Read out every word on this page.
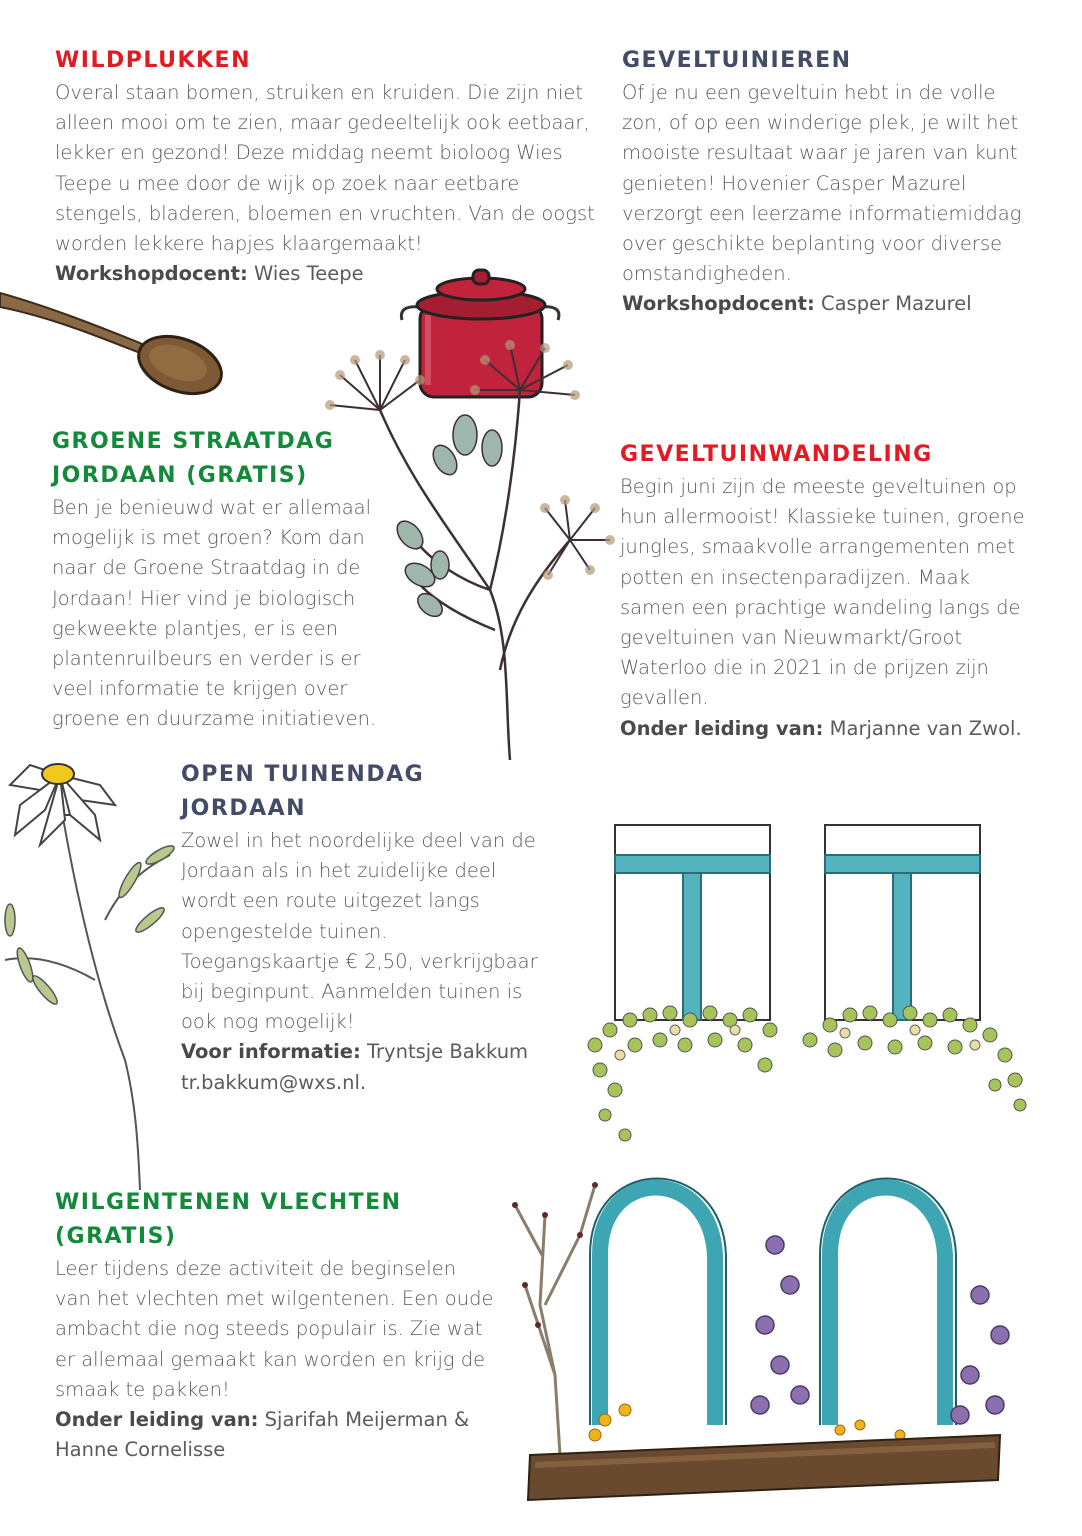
WILDPLUKKEN

Overal staan bomen, struiken en kruiden. Die zijn niet alleen mooi om te zien, maar gedeeltelijk ook eetbaar, lekker en gezond! Deze middag neemt bioloog Wies Teepe u mee door de wijk op zoek naar eetbare stengels, bladeren, bloemen en vruchten. Van de oogst worden lekkere hapjes klaargemaakt!

Workshopdocent: Wies Teepe

GEVELTUINIEREN

Of je nu een geveltuin hebt in de volle zon, of op een winderige plek, je wilt het mooiste resultaat waar je jaren van kunt genieten! Hovenier Casper Mazurel verzorgt een leerzame informatiemiddag over geschikte beplanting voor diverse omstandigheden.

Workshopdocent: Casper Mazurel

GROENE STRAATDAG
JORDAAN (GRATIS)

Ben je benieuwd wat er allemaal mogelijk is met groen? Kom dan naar de Groene Straatdag in de Jordaan! Hier vind je biologisch gekweekte plantjes, er is een plantenruilbeurs en verder is er veel informatie te krijgen over groene en duurzame initiatieven.

GEVELTUINWANDELING

Begin juni zijn de meeste geveltuinen op hun allermooist! Klassieke tuinen, groene jungles, smaakvolle arrangementen met potten en insectenparadijzen. Maak samen een prachtige wandeling langs de geveltuinen van Nieuwmarkt/Groot Waterloo die in 2021 in de prijzen zijn gevallen.

Onder leiding van: Marjanne van Zwol.

OPEN TUINENDAG
JORDAAN

Zowel in het noordelijke deel van de Jordaan als in het zuidelijke deel wordt een route uitgezet langs opengestelde tuinen. Toegangskaartje € 2,50, verkrijgbaar bij beginpunt. Aanmelden tuinen is ook nog mogelijk!

Voor informatie: Tryntsje Bakkum

tr.bakkum@wxs.nl.

WILGENTENEN VLECHTEN
(GRATIS)

Leer tijdens deze activiteit de beginselen van het vlechten met wilgentenen. Een oude ambacht die nog steeds populair is. Zie wat er allemaal gemaakt kan worden en krijg de smaak te pakken!

Onder leiding van: Sjarifah Meijerman & Hanne Cornelisse
